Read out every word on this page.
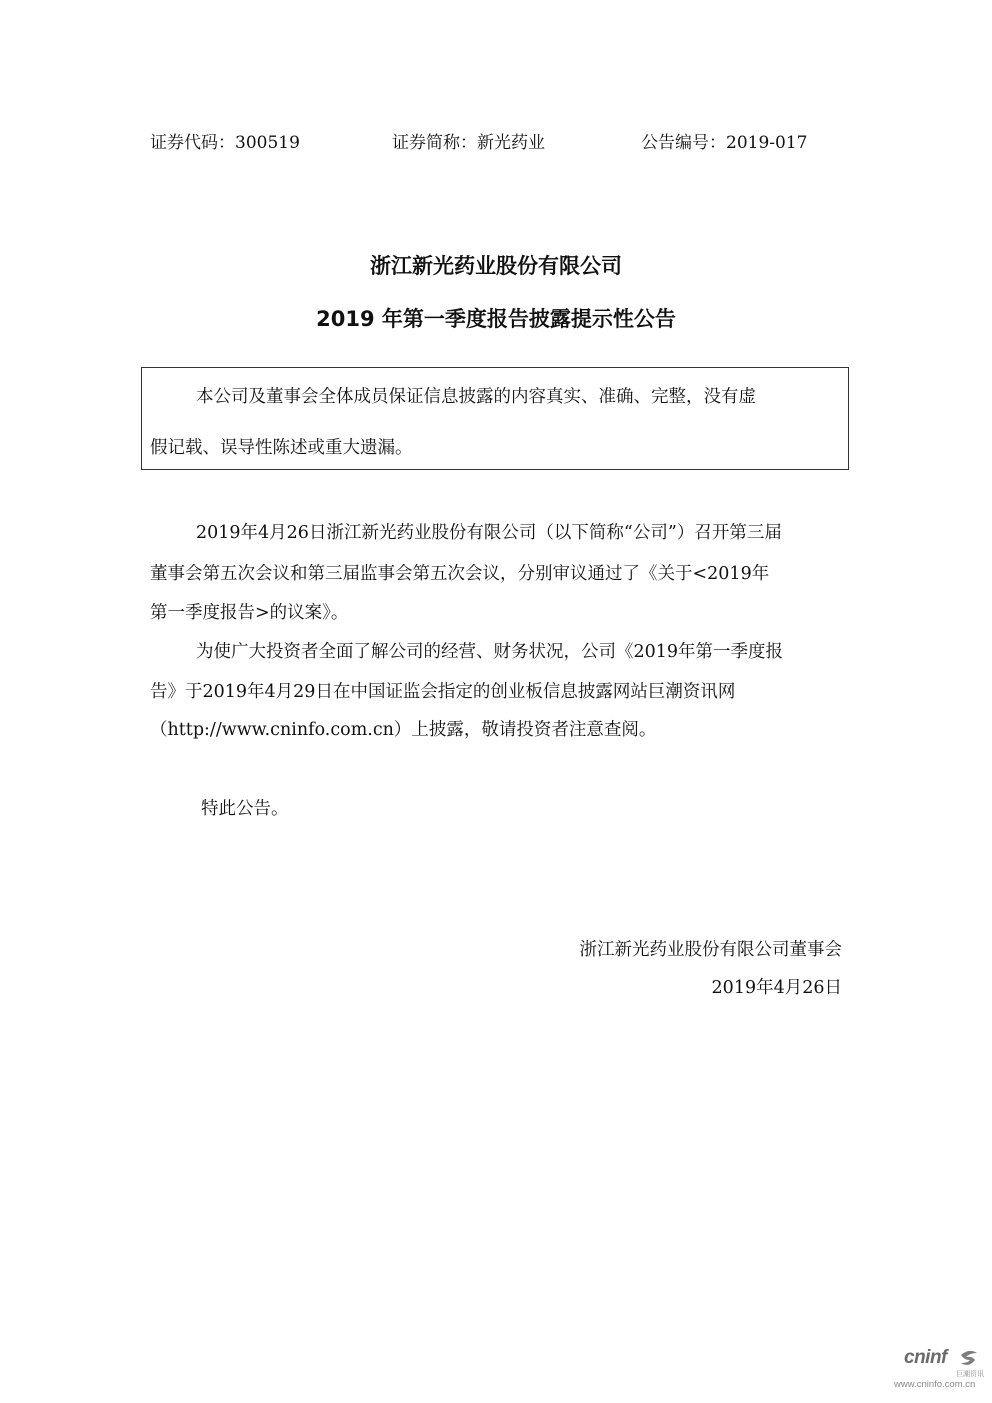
证券代码：300519	证券简称：新光药业	公告编号：2019-017
浙江新光药业股份有限公司
2019 年第一季度报告披露提示性公告
本公司及董事会全体成员保证信息披露的内容真实、准确、完整，没有虚
假记载、误导性陈述或重大遗漏。
2019年4月26日浙江新光药业股份有限公司（以下简称“公司”）召开第三届
董事会第五次会议和第三届监事会第五次会议，分别审议通过了《关于<2019年
第一季度报告>的议案》。
为使广大投资者全面了解公司的经营、财务状况，公司《2019年第一季度报
告》于2019年4月29日在中国证监会指定的创业板信息披露网站巨潮资讯网
（http://www.cninfo.com.cn）上披露，敬请投资者注意查阅。
特此公告。
浙江新光药业股份有限公司董事会
2019年4月26日
cninf
巨潮资讯
www.cninfo.com.cn
